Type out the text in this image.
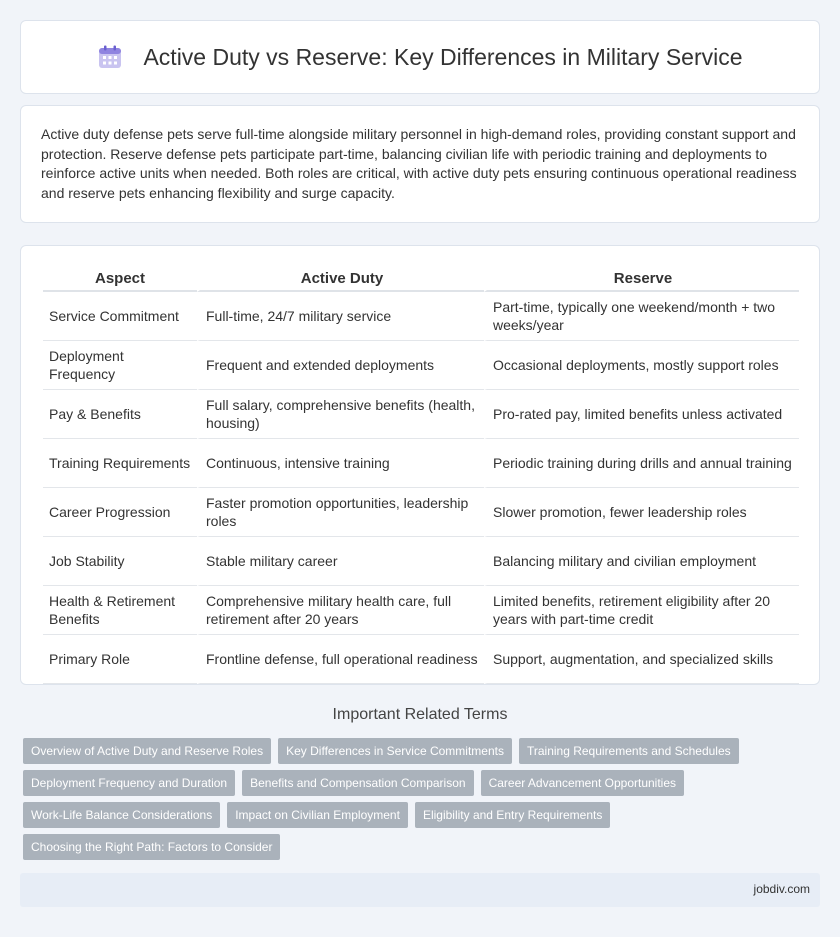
Active Duty vs Reserve: Key Differences in Military Service

Active duty defense pets serve full-time alongside military personnel in high-demand roles, providing constant support and protection. Reserve defense pets participate part-time, balancing civilian life with periodic training and deployments to reinforce active units when needed. Both roles are critical, with active duty pets ensuring continuous operational readiness and reserve pets enhancing flexibility and surge capacity.

Aspect	Active Duty	Reserve
Service Commitment	Full-time, 24/7 military service	Part-time, typically one weekend/month + two weeks/year
Deployment Frequency	Frequent and extended deployments	Occasional deployments, mostly support roles
Pay & Benefits	Full salary, comprehensive benefits (health, housing)	Pro-rated pay, limited benefits unless activated
Training Requirements	Continuous, intensive training	Periodic training during drills and annual training
Career Progression	Faster promotion opportunities, leadership roles	Slower promotion, fewer leadership roles
Job Stability	Stable military career	Balancing military and civilian employment
Health & Retirement Benefits	Comprehensive military health care, full retirement after 20 years	Limited benefits, retirement eligibility after 20 years with part-time credit
Primary Role	Frontline defense, full operational readiness	Support, augmentation, and specialized skills
Important Related Terms
Overview of Active Duty and Reserve Roles	Key Differences in Service Commitments	Training Requirements and Schedules
Deployment Frequency and Duration	Benefits and Compensation Comparison	Career Advancement Opportunities
Work-Life Balance Considerations	Impact on Civilian Employment	Eligibility and Entry Requirements
Choosing the Right Path: Factors to Consider
jobdiv.com
